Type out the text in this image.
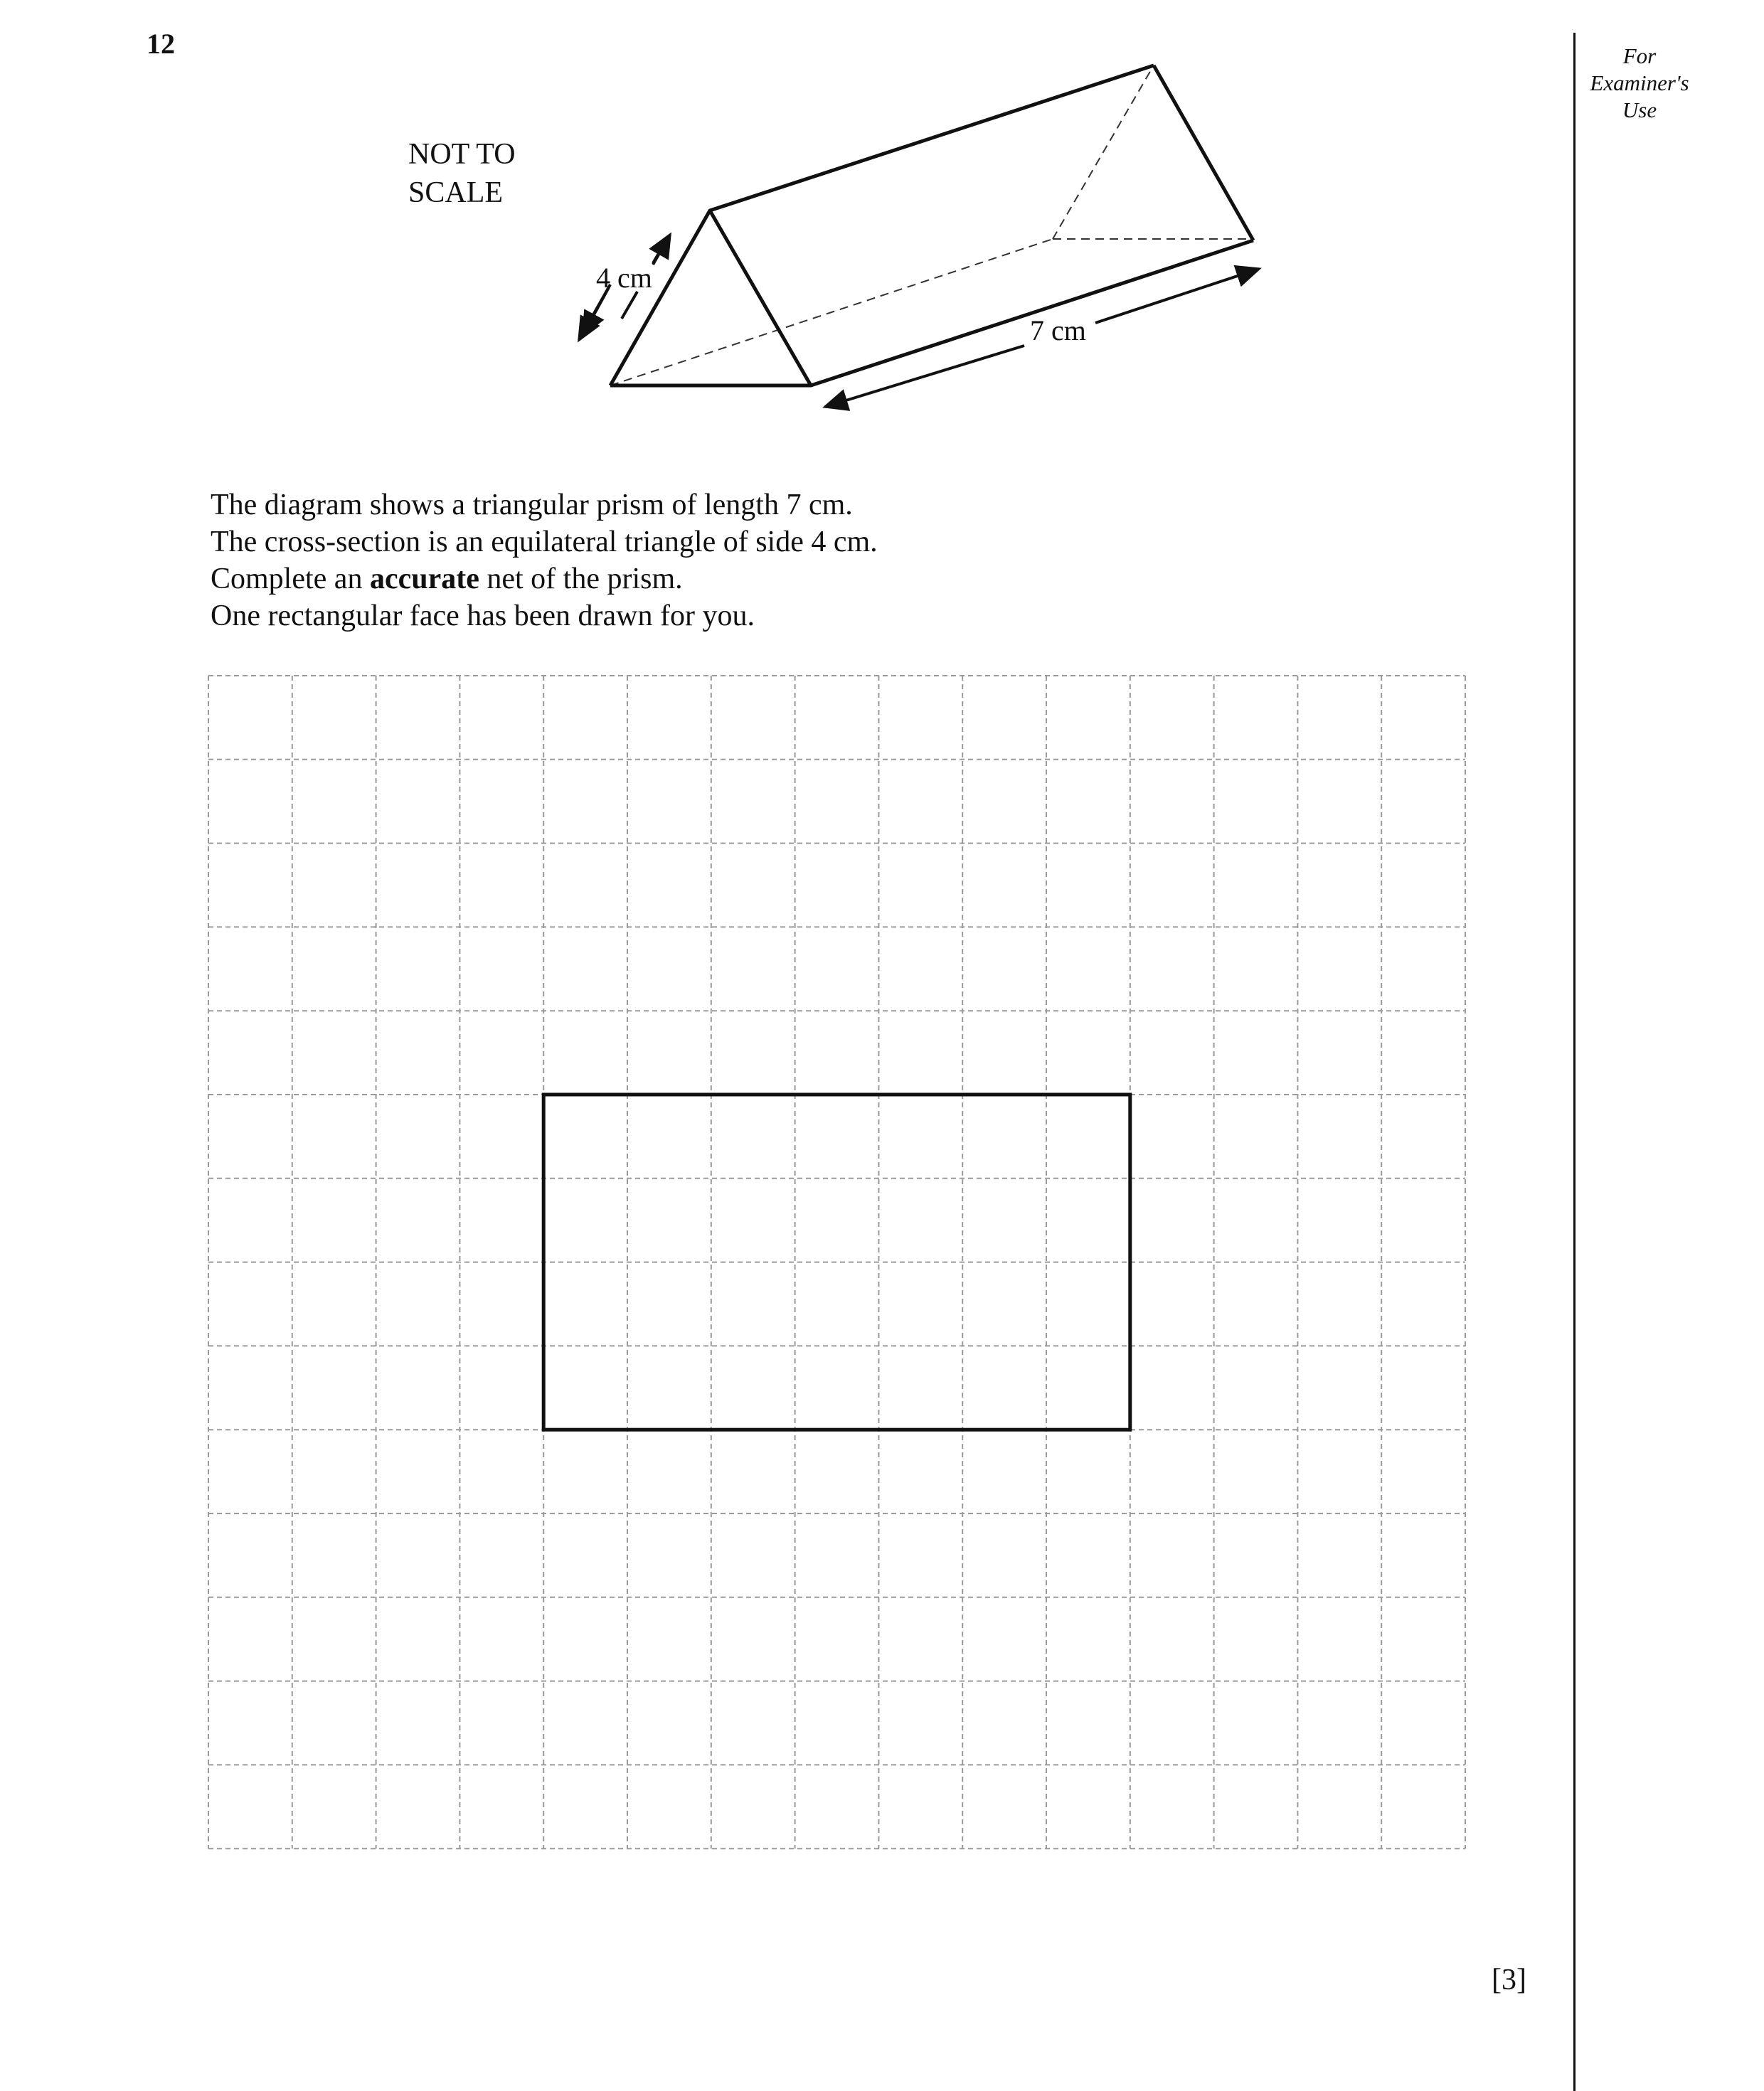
12	For
Examiner's
Use
NOT TO
SCALE
4 cm
7 cm

The diagram shows a triangular prism of length 7 cm.

The cross-section is an equilateral triangle of side 4 cm.

Complete an accurate net of the prism.

One rectangular face has been drawn for you.

[3]
